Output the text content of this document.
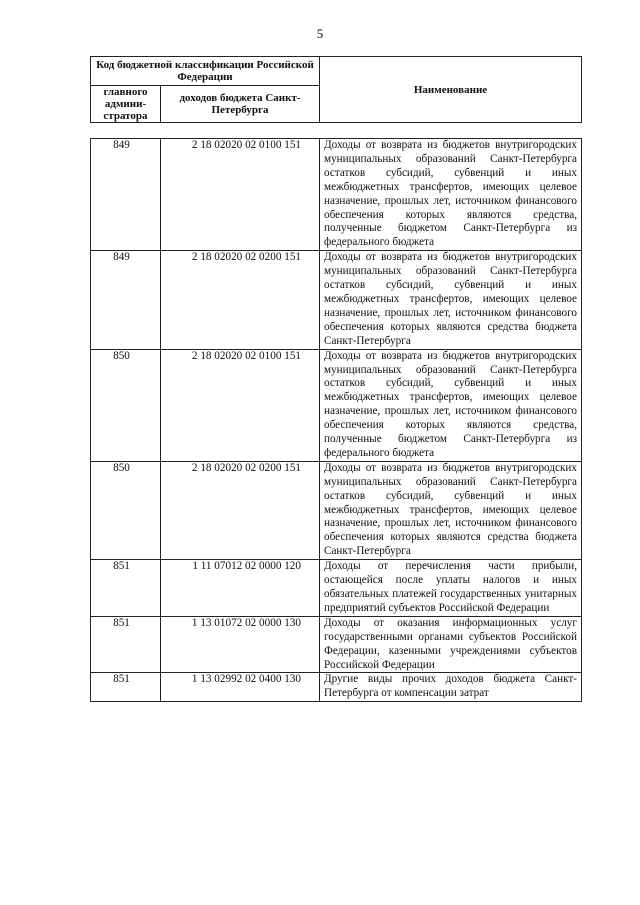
5
Код бюджетной классификации Российской Федерации		Наименование
главного админи-стратора	доходов бюджета Санкт-Петербурга	
849	2 18 02020 02 0100 151	Доходы от возврата из бюджетов внутригородских муниципальных образований Санкт-Петербурга остатков субсидий, субвенций и иных межбюджетных трансфертов, имеющих целевое назначение, прошлых лет, источником финансового обеспечения которых являются средства, полученные бюджетом Санкт-Петербурга из федерального бюджета
849	2 18 02020 02 0200 151	Доходы от возврата из бюджетов внутригородских муниципальных образований Санкт-Петербурга остатков субсидий, субвенций и иных межбюджетных трансфертов, имеющих целевое назначение, прошлых лет, источником финансового обеспечения которых являются средства бюджета Санкт-Петербурга
850	2 18 02020 02 0100 151	Доходы от возврата из бюджетов внутригородских муниципальных образований Санкт-Петербурга остатков субсидий, субвенций и иных межбюджетных трансфертов, имеющих целевое назначение, прошлых лет, источником финансового обеспечения которых являются средства, полученные бюджетом Санкт-Петербурга из федерального бюджета
850	2 18 02020 02 0200 151	Доходы от возврата из бюджетов внутригородских муниципальных образований Санкт-Петербурга остатков субсидий, субвенций и иных межбюджетных трансфертов, имеющих целевое назначение, прошлых лет, источником финансового обеспечения которых являются средства бюджета Санкт-Петербурга
851	1 11 07012 02 0000 120	Доходы от перечисления части прибыли, остающейся после уплаты налогов и иных обязательных платежей государственных унитарных предприятий субъектов Российской Федерации
851	1 13 01072 02 0000 130	Доходы от оказания информационных услуг государственными органами субъектов Российской Федерации, казенными учреждениями субъектов Российской Федерации
851	1 13 02992 02 0400 130	Другие виды прочих доходов бюджета Санкт-Петербурга от компенсации затрат
